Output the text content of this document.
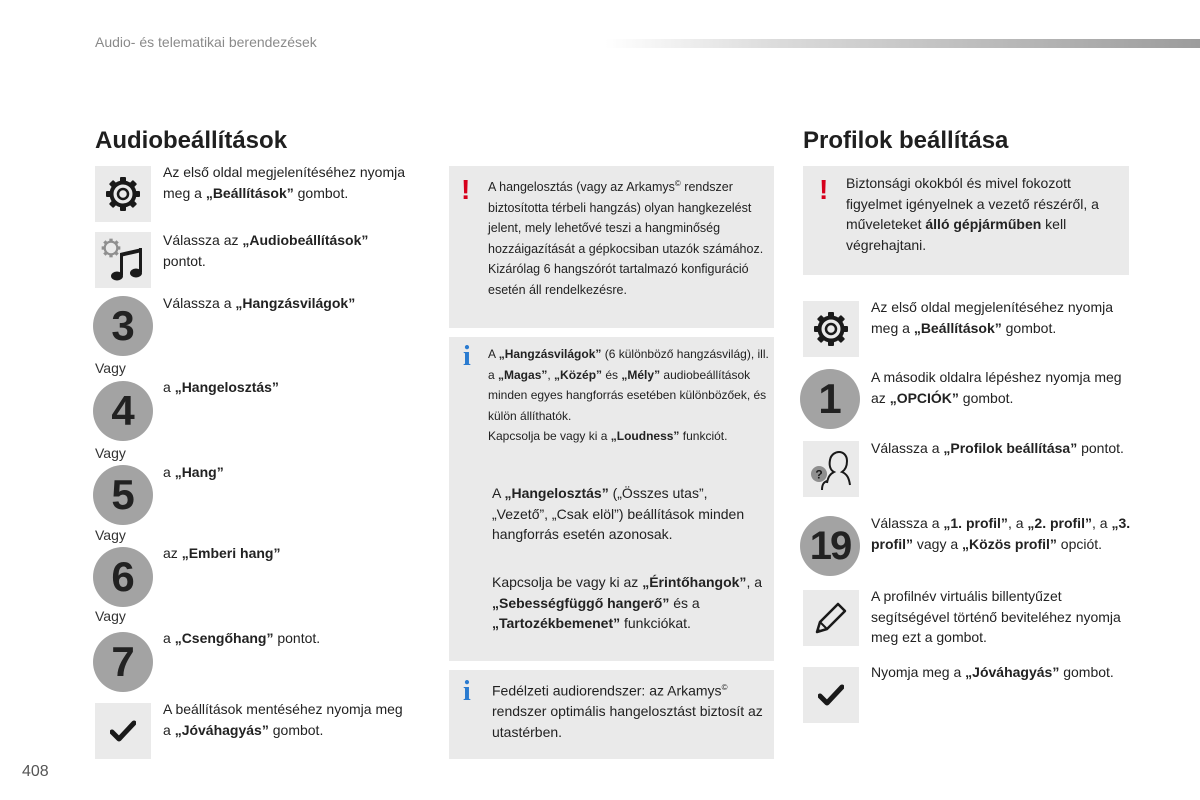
Audio- és telematikai berendezések
Audiobeállítások
Az első oldal megjelenítéséhez nyomja meg a „Beállítások” gombot.
Válassza az „Audiobeállítások” pontot.
3	Válassza a „Hangzásvilágok”
Vagy
4	a „Hangelosztás”
Vagy
5	a „Hang”
Vagy
6	az „Emberi hang”
Vagy
7	a „Csengőhang” pontot.
A beállítások mentéséhez nyomja meg a „Jóváhagyás” gombot.
! A hangelosztás (vagy az Arkamys© rendszer biztosította térbeli hangzás) olyan hangkezelést jelent, mely lehetővé teszi a hangminőség hozzáigazítását a gépkocsiban utazók számához.
Kizárólag 6 hangszórót tartalmazó konfiguráció esetén áll rendelkezésre.
i A „Hangzásvilágok” (6 különböző hangzásvilág), ill. a „Magas”, „Közép” és „Mély” audiobeállítások minden egyes hangforrás esetében különbözőek, és külön állíthatók.
Kapcsolja be vagy ki a „Loudness” funkciót.
A „Hangelosztás” („Összes utas”, „Vezető”, „Csak elöl”) beállítások minden hangforrás esetén azonosak.
Kapcsolja be vagy ki az „Érintőhangok”, a „Sebességfüggő hangerő” és a „Tartozékbemenet” funkciókat.
i Fedélzeti audiorendszer: az Arkamys© rendszer optimális hangelosztást biztosít az utastérben.
Profilok beállítása
! Biztonsági okokból és mivel fokozott figyelmet igényelnek a vezető részéről, a műveleteket álló gépjárműben kell végrehajtani.
Az első oldal megjelenítéséhez nyomja meg a „Beállítások” gombot.
1	A második oldalra lépéshez nyomja meg az „OPCIÓK” gombot.
?
Válassza a „Profilok beállítása” pontot.
19
Válassza a „1. profil”, a „2. profil”, a „3. profil” vagy a „Közös profil” opciót.
A profilnév virtuális billentyűzet segítségével történő beviteléhez nyomja meg ezt a gombot.
Nyomja meg a „Jóváhagyás” gombot.
408
